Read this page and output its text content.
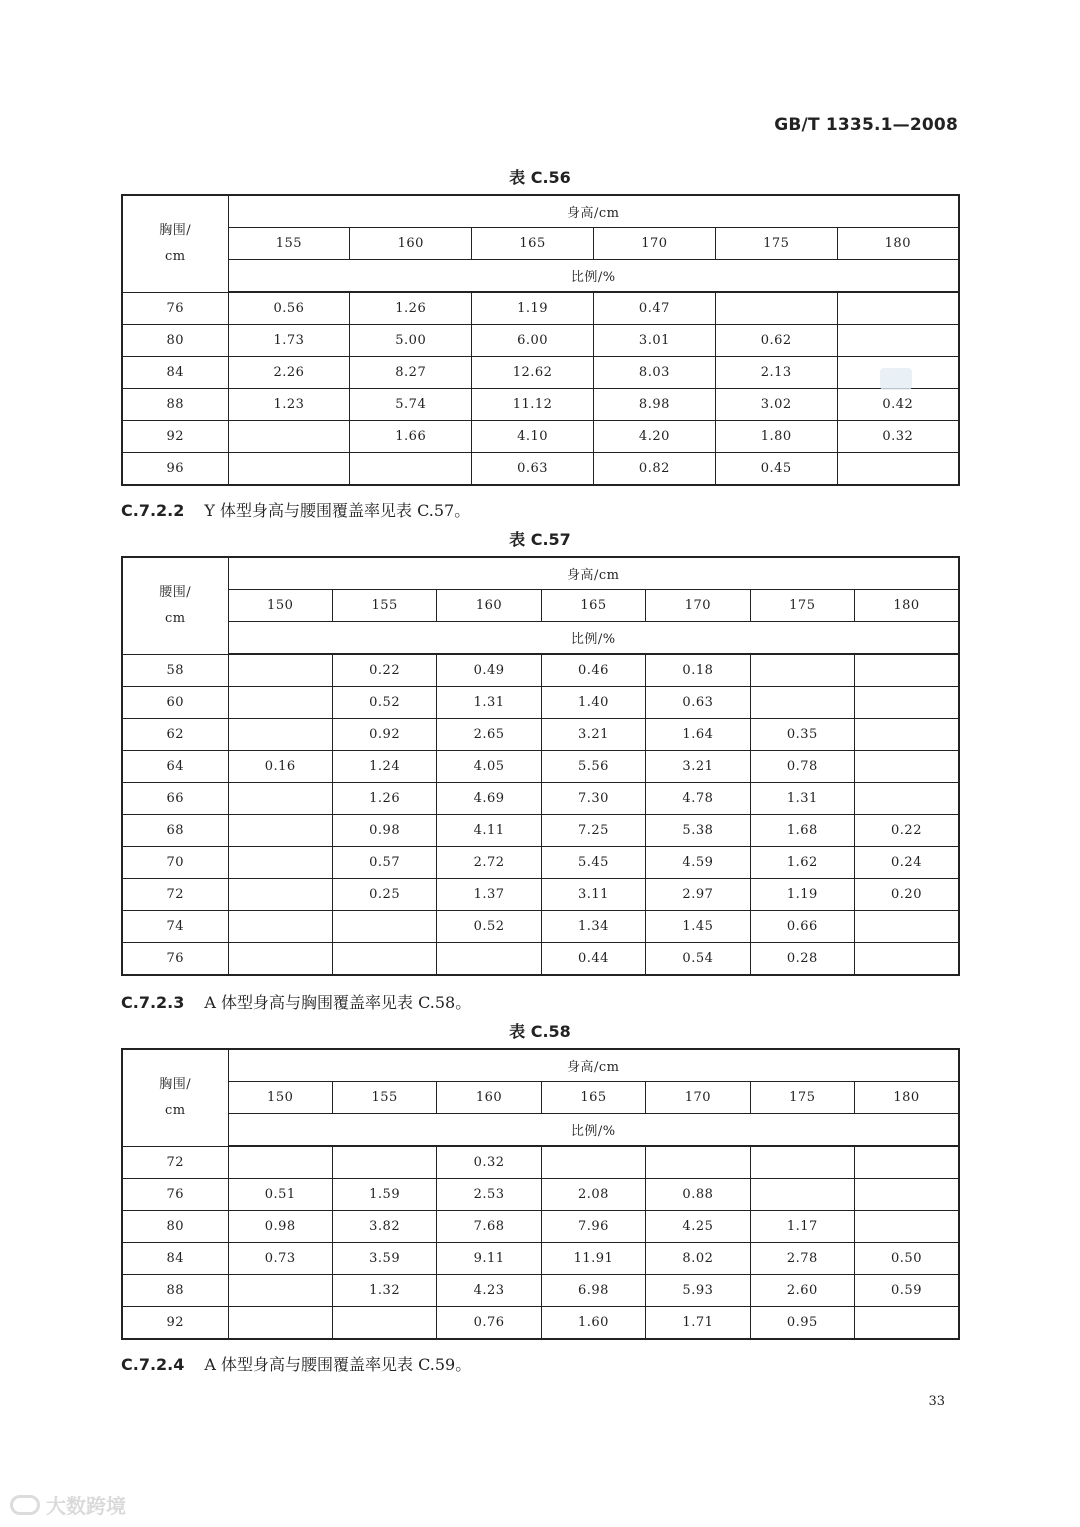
GB/T 1335.1—2008
表 C.56
胸围/
cm	身高/cm					
	155	160	165	170	175	180
	比例/%					
76	0.56	1.26	1.19	0.47		
80	1.73	5.00	6.00	3.01	0.62	
84	2.26	8.27	12.62	8.03	2.13	
88	1.23	5.74	11.12	8.98	3.02	0.42
92		1.66	4.10	4.20	1.80	0.32
96			0.63	0.82	0.45	
C.7.2.2 Y 体型身高与腰围覆盖率见表 C.57。
表 C.57
腰围/
cm	身高/cm						
	150	155	160	165	170	175	180
	比例/%						
58		0.22	0.49	0.46	0.18		
60		0.52	1.31	1.40	0.63		
62		0.92	2.65	3.21	1.64	0.35	
64	0.16	1.24	4.05	5.56	3.21	0.78	
66		1.26	4.69	7.30	4.78	1.31	
68		0.98	4.11	7.25	5.38	1.68	0.22
70		0.57	2.72	5.45	4.59	1.62	0.24
72		0.25	1.37	3.11	2.97	1.19	0.20
74			0.52	1.34	1.45	0.66	
76				0.44	0.54	0.28	
C.7.2.3 A 体型身高与胸围覆盖率见表 C.58。
表 C.58
胸围/
cm	身高/cm						
	150	155	160	165	170	175	180
	比例/%						
72			0.32				
76	0.51	1.59	2.53	2.08	0.88		
80	0.98	3.82	7.68	7.96	4.25	1.17	
84	0.73	3.59	9.11	11.91	8.02	2.78	0.50
88		1.32	4.23	6.98	5.93	2.60	0.59
92			0.76	1.60	1.71	0.95	
C.7.2.4 A 体型身高与腰围覆盖率见表 C.59。
33
大数跨境
